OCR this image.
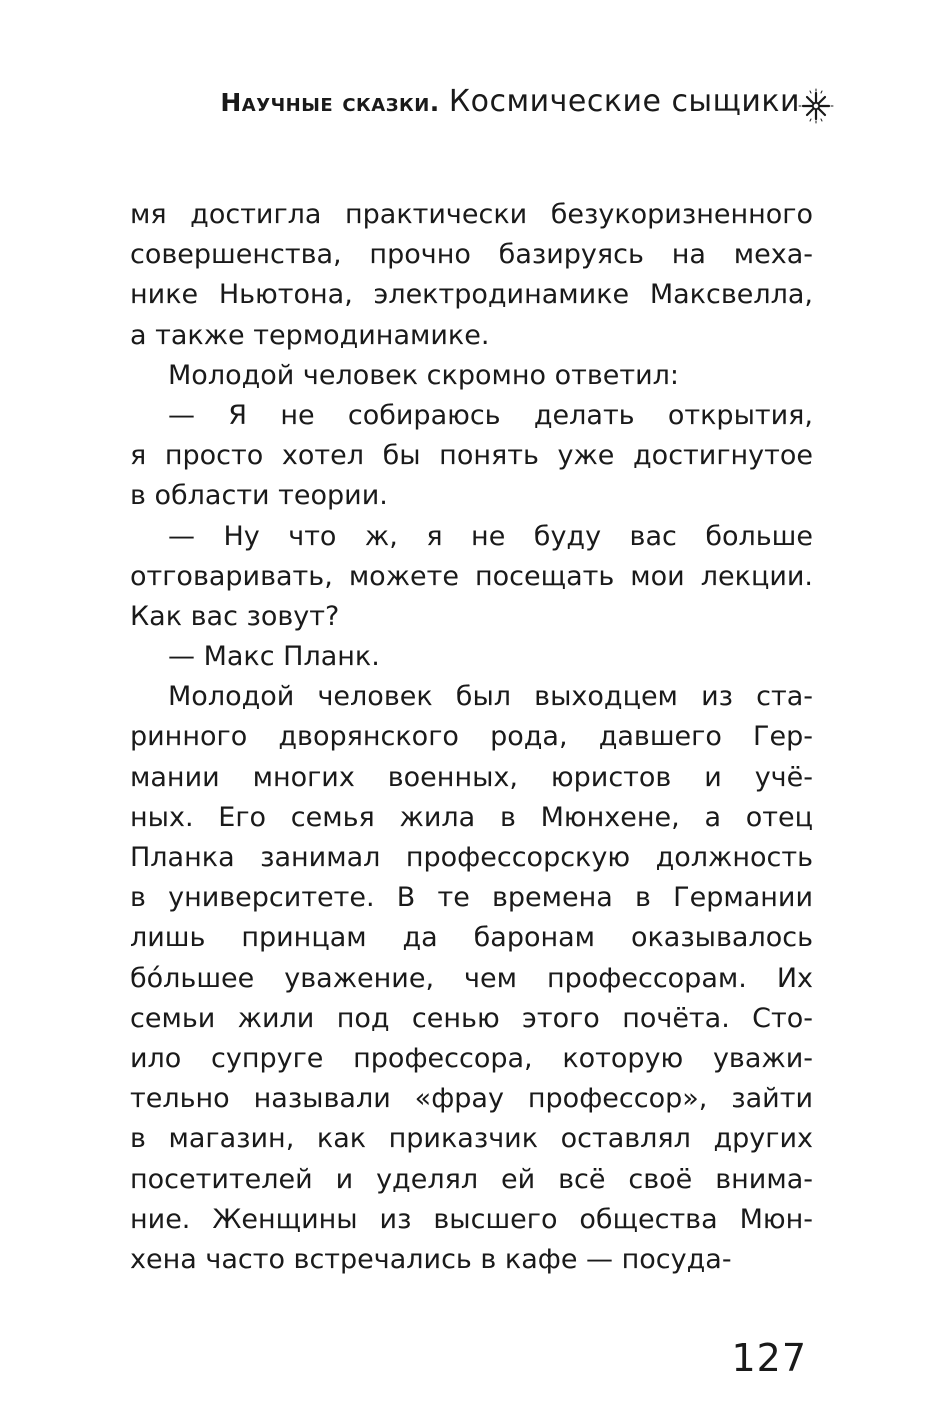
Научные сказки. Космические сыщики
мя достигла практически безукоризненного
совершенства, прочно базируясь на меха-
нике Ньютона, электродинамике Максвелла,
а также термодинамике.
Молодой человек скромно ответил:
— Я не собираюсь делать открытия,
я просто хотел бы понять уже достигнутое
в области теории.
— Ну что ж, я не буду вас больше
отговаривать, можете посещать мои лекции.
Как вас зовут?
— Макс Планк.
Молодой человек был выходцем из ста-
ринного дворянского рода, давшего Гер-
мании многих военных, юристов и учё-
ных. Его семья жила в Мюнхене, а отец
Планка занимал профессорскую должность
в университете. В те времена в Германии
лишь принцам да баронам оказывалось
бо́льшее уважение, чем профессорам. Их
семьи жили под сенью этого почёта. Сто-
ило супруге профессора, которую уважи-
тельно называли «фрау профессор», зайти
в магазин, как приказчик оставлял других
посетителей и уделял ей всё своё внима-
ние. Женщины из высшего общества Мюн-
хена часто встречались в кафе — посуда-
127
